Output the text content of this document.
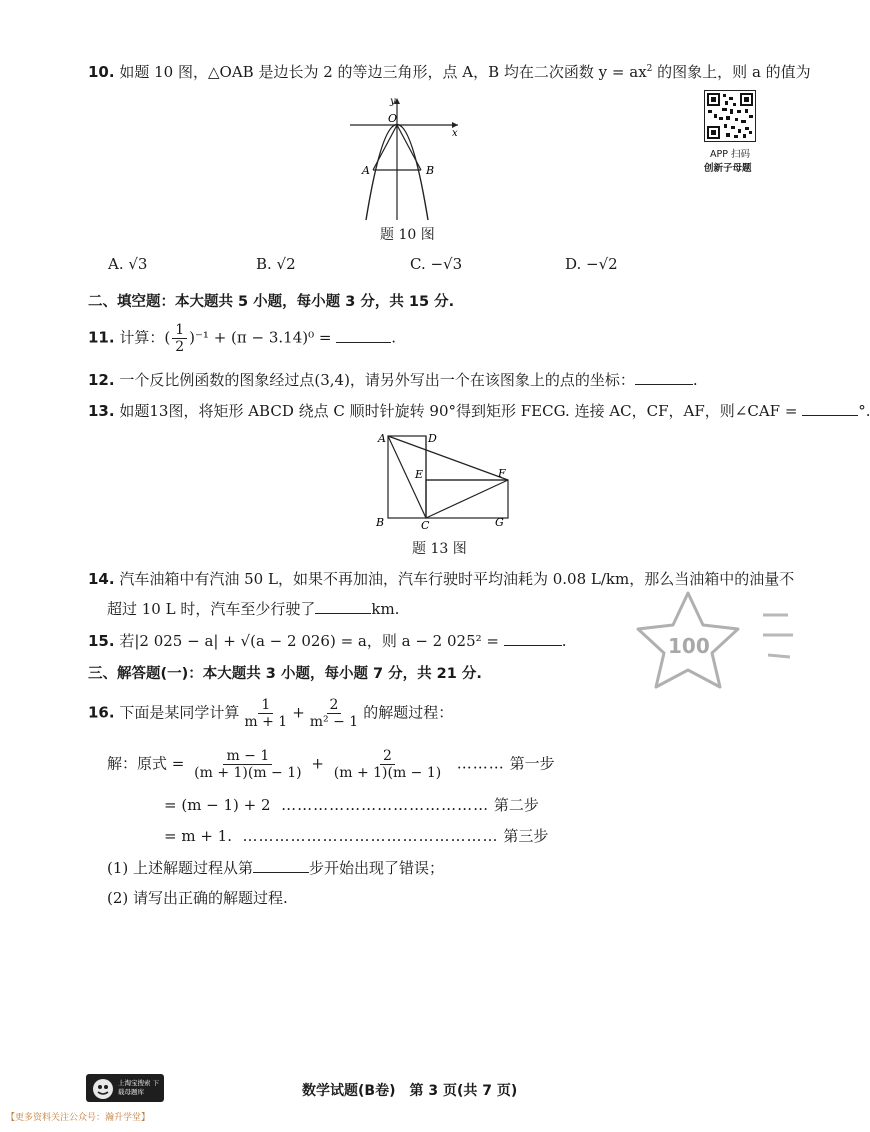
10. 如题 10 图，△OAB 是边长为 2 的等边三角形，点 A，B 均在二次函数 $y = ax^2$ 的图象上，则 a 的值为
APP 扫码
创新子母题
y
x
O
A	B
题 10 图
A. √3	B. √2	C. −√3	D. −√2
二、填空题：本大题共 5 小题，每小题 3 分，共 15 分.
11. 计算：( $\frac{1}{2} )^{-1} + (\pi - 3.14)^0$ =	.
12. 一个反比例函数的图象经过点(3,4)，请另外写出一个在该图象上的点的坐标：	.
13. 如题13图，将矩形 ABCD 绕点 C 顺时针旋转 90°得到矩形 FECG. 连接 AC，CF，AF，则∠CAF =	°.
A	D
E	F
B	C	G
题 13 图
14. 汽车油箱中有汽油 50 L，如果不再加油，汽车行驶时平均油耗为 0.08 L/km，那么当油箱中的油量不
超过 10 L 时，汽车至少行驶了	km.
100
15. 若|2 025 − a| + √(a − 2 026) = a，则 a − 2 025² =	.
三、解答题(一)：本大题共 3 小题，每小题 7 分，共 21 分.
16. 下面是某同学计算 $\frac{1}{m + 1} + \frac{2}{\text{m² − 1}}$ 的解题过程：
解：原式 = $\frac{m - 1}{(m + 1)(m - 1)} + \frac{2}{(m + 1)(m - 1)}$ ……… 第一步
= (m − 1) + 2  ………………………………… 第二步
= m + 1.  ………………………………………… 第三步
(1) 上述解题过程从第	步开始出现了错误；
(2) 请写出正确的解题过程.
上淘宝搜索 下载母题库	数学试题(B卷)　第 3 页(共 7 页)
【更多资料关注公众号：瀚升学堂】
